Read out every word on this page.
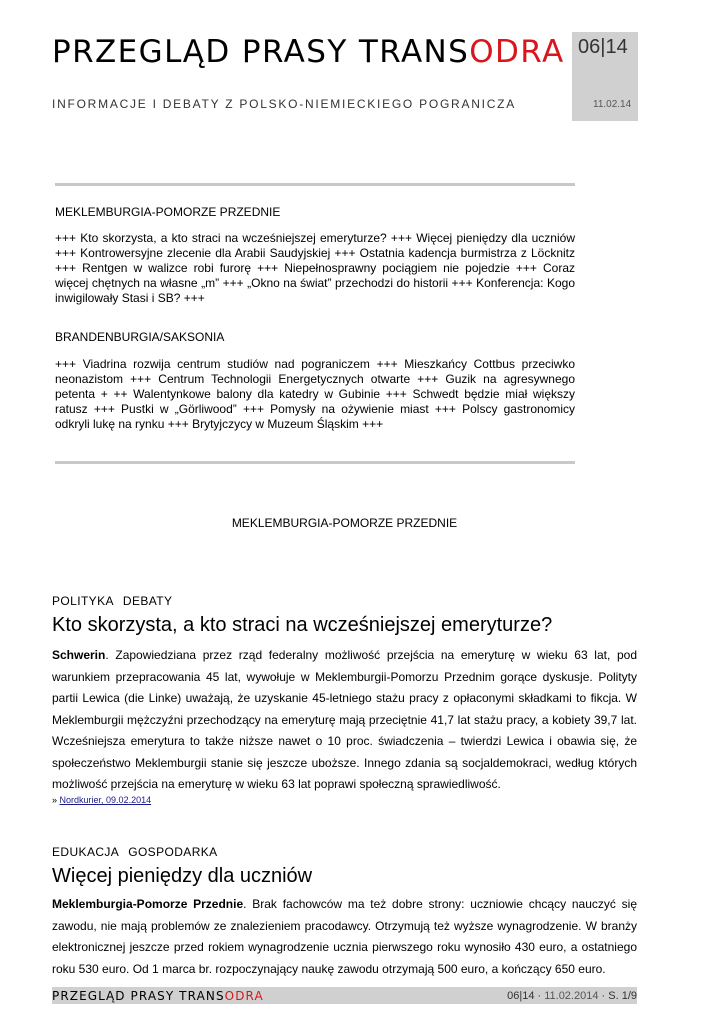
06|14
11.02.14
PRZEGLĄD PRASY TRANSODRA
INFORMACJE I DEBATY Z POLSKO-NIEMIECKIEGO POGRANICZA
MEKLEMBURGIA-POMORZE PRZEDNIE
+++ Kto skorzysta, a kto straci na wcześniejszej emeryturze? +++ Więcej pieniędzy dla uczniów +++ Kontrowersyjne zlecenie dla Arabii Saudyjskiej +++ Ostatnia kadencja burmistrza z Löcknitz +++ Rentgen w walizce robi furorę +++ Niepełnosprawny pociągiem nie pojedzie +++ Coraz więcej chętnych na własne „m” +++ „Okno na świat” przechodzi do historii +++ Konferencja: Kogo inwigilowały Stasi i SB? +++
BRANDENBURGIA/SAKSONIA
+++ Viadrina rozwija centrum studiów nad pograniczem +++ Mieszkańcy Cottbus przeciwko neonazistom +++ Centrum Technologii Energetycznych otwarte +++ Guzik na agresywnego petenta + ++ Walentynkowe balony dla katedry w Gubinie +++ Schwedt będzie miał większy ratusz +++ Pustki w „Görliwood” +++ Pomysły na ożywienie miast +++ Polscy gastronomicy odkryli lukę na rynku +++ Brytyjczycy w Muzeum Śląskim +++
MEKLEMBURGIA-POMORZE PRZEDNIE
POLITYKA DEBATY
Kto skorzysta, a kto straci na wcześniejszej emeryturze?
Schwerin. Zapowiedziana przez rząd federalny możliwość przejścia na emeryturę w wieku 63 lat, pod warunkiem przepracowania 45 lat, wywołuje w Meklemburgii-Pomorzu Przednim gorące dyskusje. Polityty partii Lewica (die Linke) uważają, że uzyskanie 45-letniego stażu pracy z opłaconymi składkami to fikcja. W Meklemburgii mężczyźni przechodzący na emeryturę mają przeciętnie 41,7 lat stażu pracy, a kobiety 39,7 lat. Wcześniejsza emerytura to także niższe nawet o 10 proc. świadczenia – twierdzi Lewica i obawia się, że społeczeństwo Meklemburgii stanie się jeszcze uboższe. Innego zdania są socjaldemokraci, według których możliwość przejścia na emeryturę w wieku 63 lat poprawi społeczną sprawiedliwość.
» Nordkurier, 09.02.2014
EDUKACJA GOSPODARKA
Więcej pieniędzy dla uczniów
Meklemburgia-Pomorze Przednie. Brak fachowców ma też dobre strony: uczniowie chcący nauczyć się zawodu, nie mają problemów ze znalezieniem pracodawcy. Otrzymują też wyższe wynagrodzenie. W branży elektronicznej jeszcze przed rokiem wynagrodzenie ucznia pierwszego roku wynosiło 430 euro, a ostatniego roku 530 euro. Od 1 marca br. rozpoczynający naukę zawodu otrzymają 500 euro, a kończący 650 euro.
PRZEGLĄD PRASY TRANSODRA	06|14 · 11.02.2014 · S. 1/9
